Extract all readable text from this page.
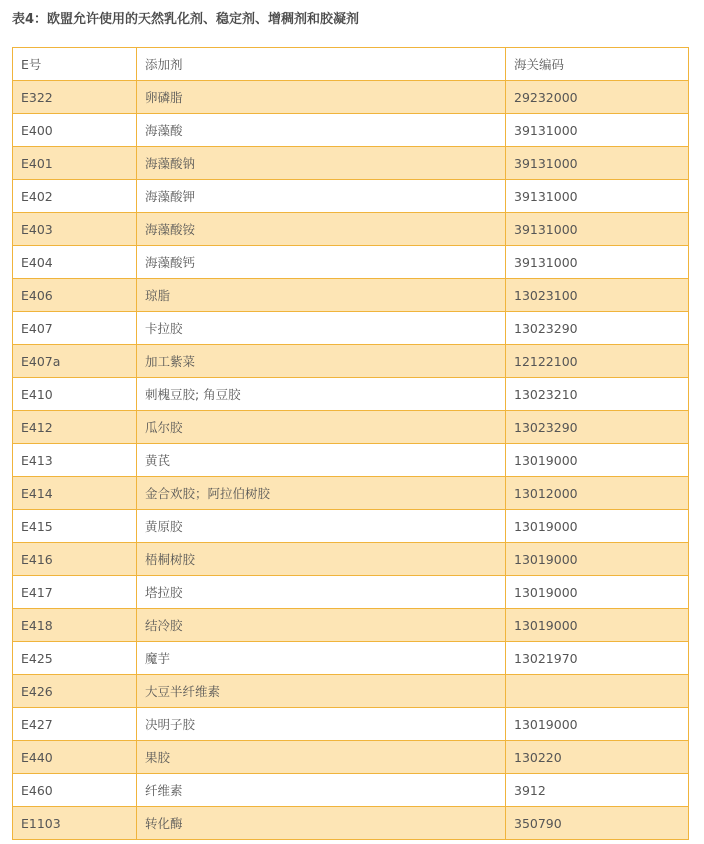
表4：欧盟允许使用的天然乳化剂、稳定剂、增稠剂和胶凝剂
E号	添加剂	海关编码
E322	卵磷脂	29232000
E400	海藻酸	39131000
E401	海藻酸钠	39131000
E402	海藻酸钾	39131000
E403	海藻酸铵	39131000
E404	海藻酸钙	39131000
E406	琼脂	13023100
E407	卡拉胶	13023290
E407a	加工紫菜	12122100
E410	刺槐豆胶; 角豆胶	13023210
E412	瓜尔胶	13023290
E413	黄芪	13019000
E414	金合欢胶；阿拉伯树胶	13012000
E415	黄原胶	13019000
E416	梧桐树胶	13019000
E417	塔拉胶	13019000
E418	结冷胶	13019000
E425	魔芋	13021970
E426	大豆半纤维素	
E427	决明子胶	13019000
E440	果胶	130220
E460	纤维素	3912
E1103	转化酶	350790
